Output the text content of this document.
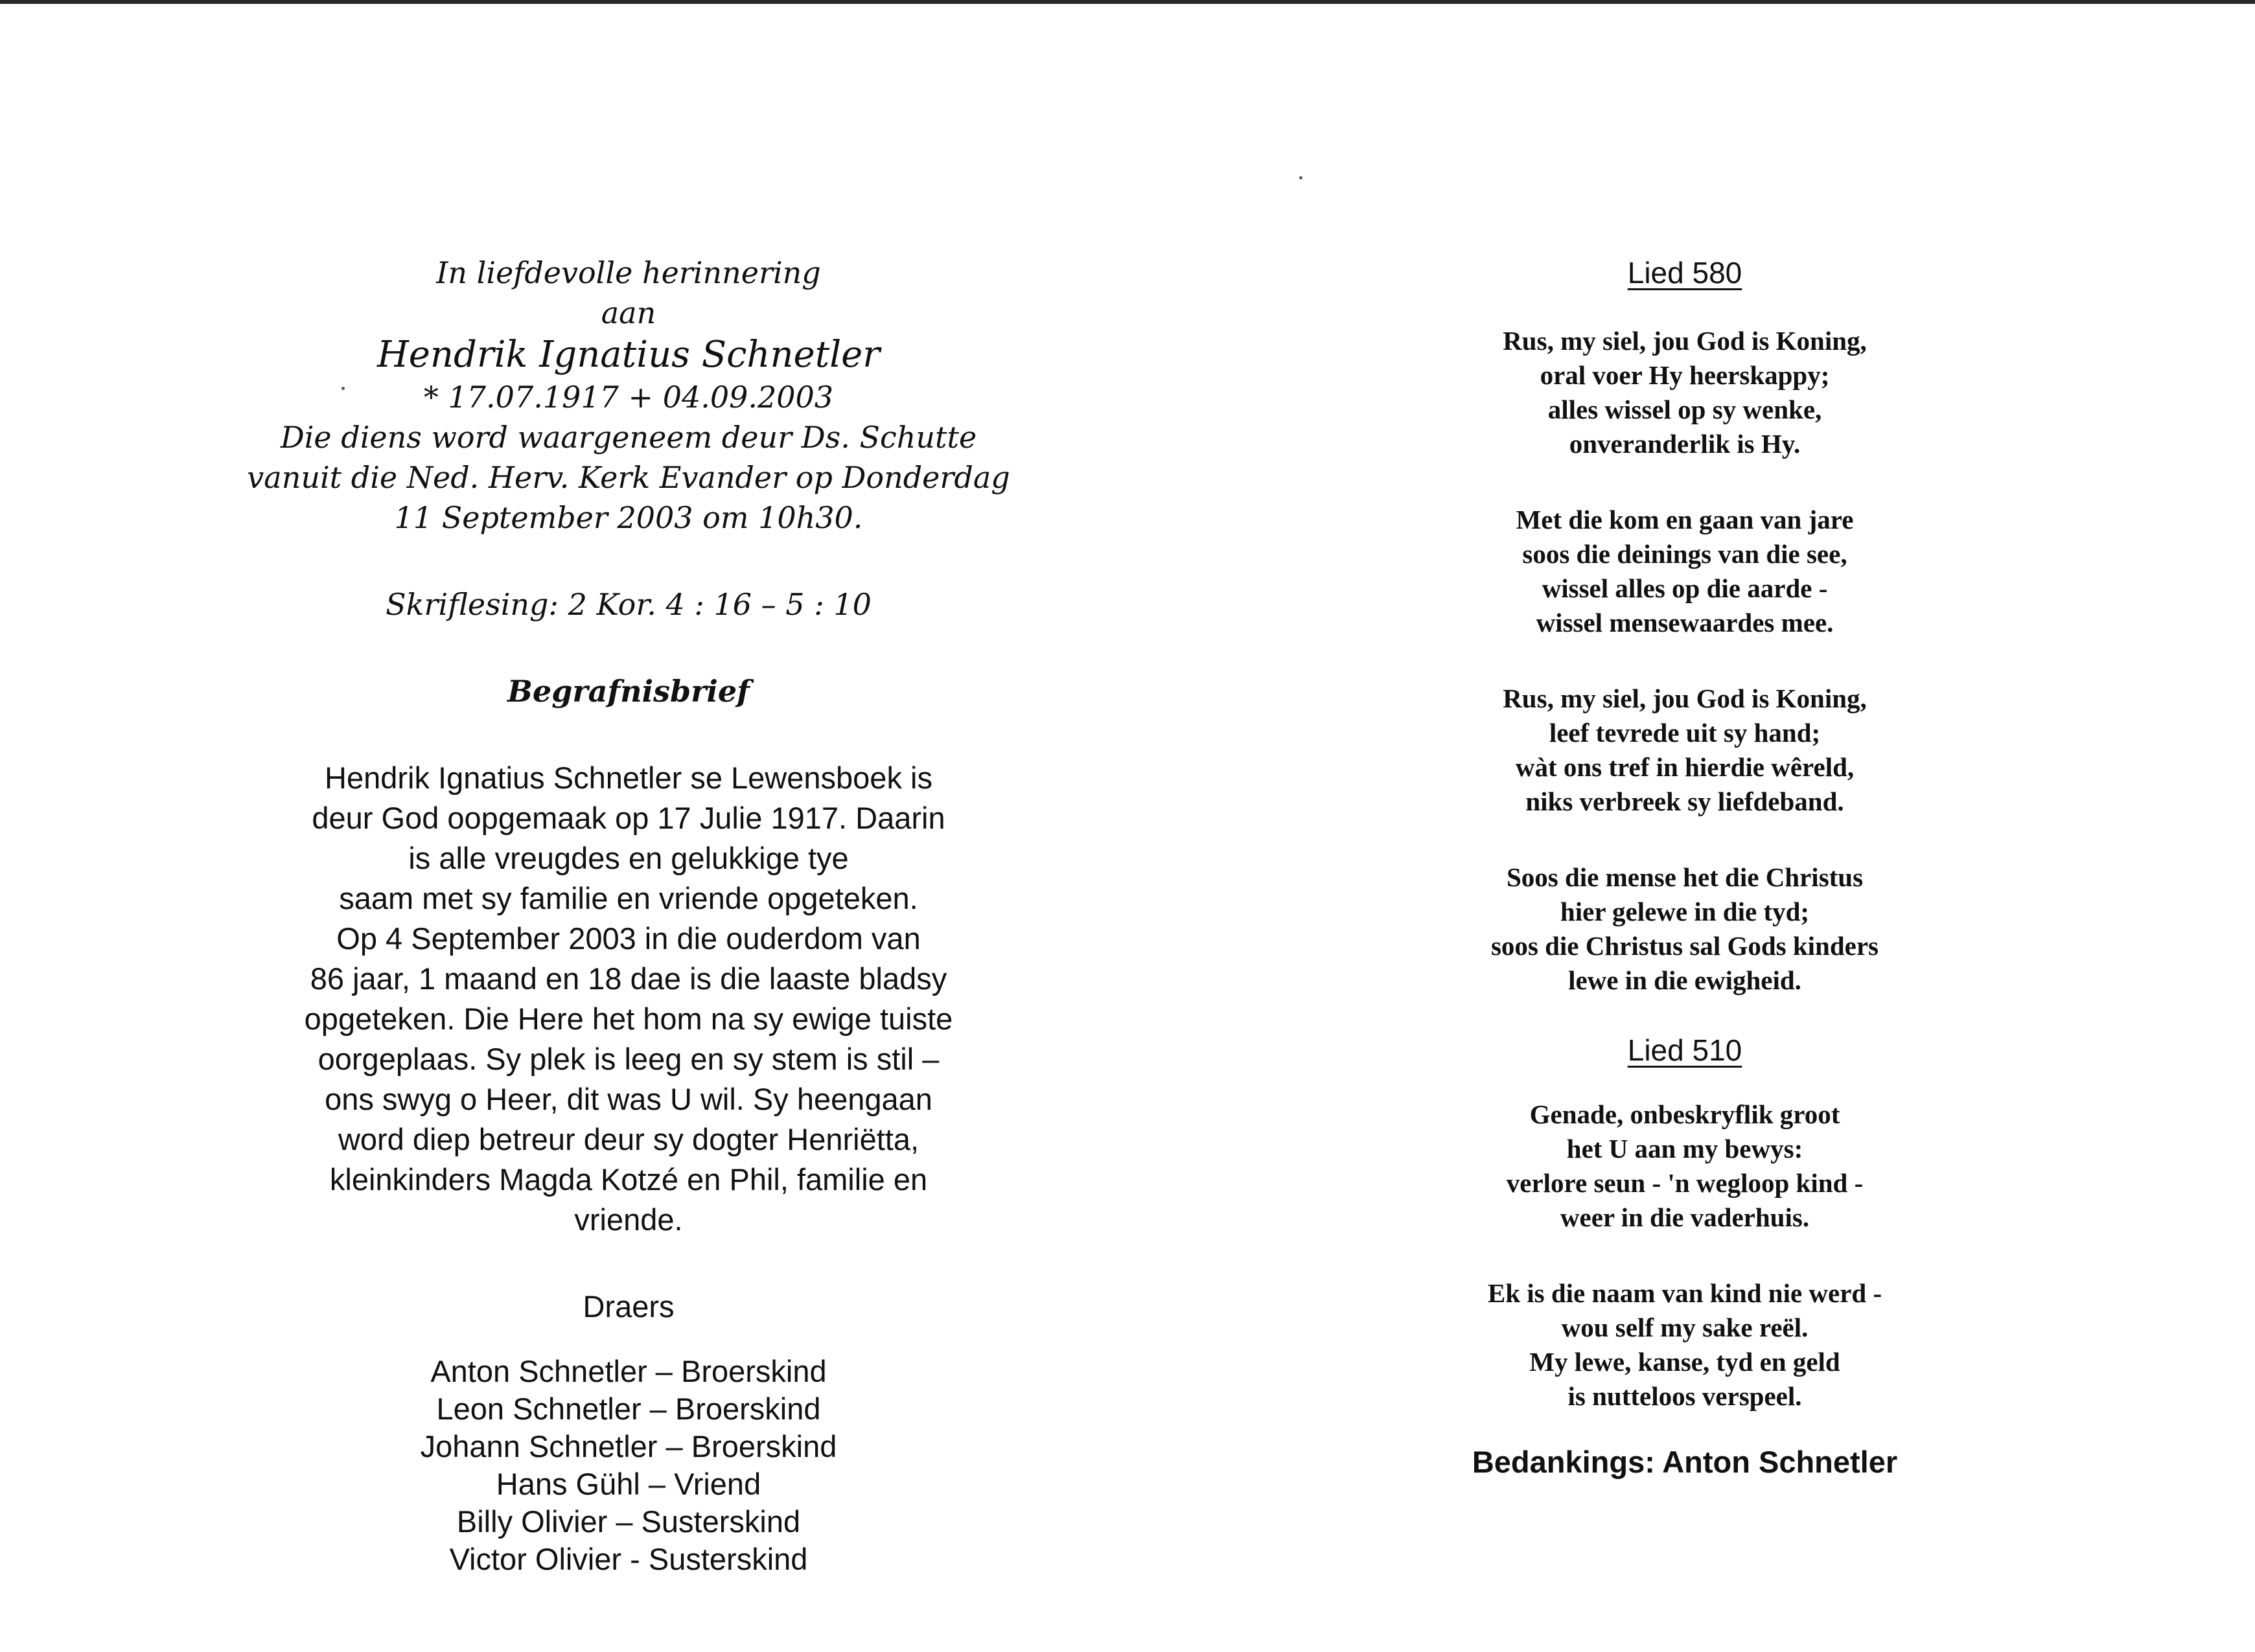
In liefdevolle herinnering
aan
Hendrik Ignatius Schnetler
* 17.07.1917 + 04.09.2003
Die diens word waargeneem deur Ds. Schutte
vanuit die Ned. Herv. Kerk Evander op Donderdag
11 September 2003 om 10h30.
Skriflesing: 2 Kor. 4 : 16 – 5 : 10
Begrafnisbrief
Hendrik Ignatius Schnetler se Lewensboek is
deur God oopgemaak op 17 Julie 1917. Daarin
is alle vreugdes en gelukkige tye
saam met sy familie en vriende opgeteken.
Op 4 September 2003 in die ouderdom van
86 jaar, 1 maand en 18 dae is die laaste bladsy
opgeteken. Die Here het hom na sy ewige tuiste
oorgeplaas. Sy plek is leeg en sy stem is stil –
ons swyg o Heer, dit was U wil. Sy heengaan
word diep betreur deur sy dogter Henriëtta,
kleinkinders Magda Kotzé en Phil, familie en
vriende.
Draers
Anton Schnetler – Broerskind
Leon Schnetler – Broerskind
Johann Schnetler – Broerskind
Hans Gühl – Vriend
Billy Olivier – Susterskind
Victor Olivier - Susterskind
Lied 580
Rus, my siel, jou God is Koning,
oral voer Hy heerskappy;
alles wissel op sy wenke,
onveranderlik is Hy.
Met die kom en gaan van jare
soos die deinings van die see,
wissel alles op die aarde -
wissel mensewaardes mee.
Rus, my siel, jou God is Koning,
leef tevrede uit sy hand;
wàt ons tref in hierdie wêreld,
niks verbreek sy liefdeband.
Soos die mense het die Christus
hier gelewe in die tyd;
soos die Christus sal Gods kinders
lewe in die ewigheid.
Lied 510
Genade, onbeskryflik groot
het U aan my bewys:
verlore seun - 'n wegloop kind -
weer in die vaderhuis.
Ek is die naam van kind nie werd -
wou self my sake reël.
My lewe, kanse, tyd en geld
is nutteloos verspeel.
Bedankings: Anton Schnetler
